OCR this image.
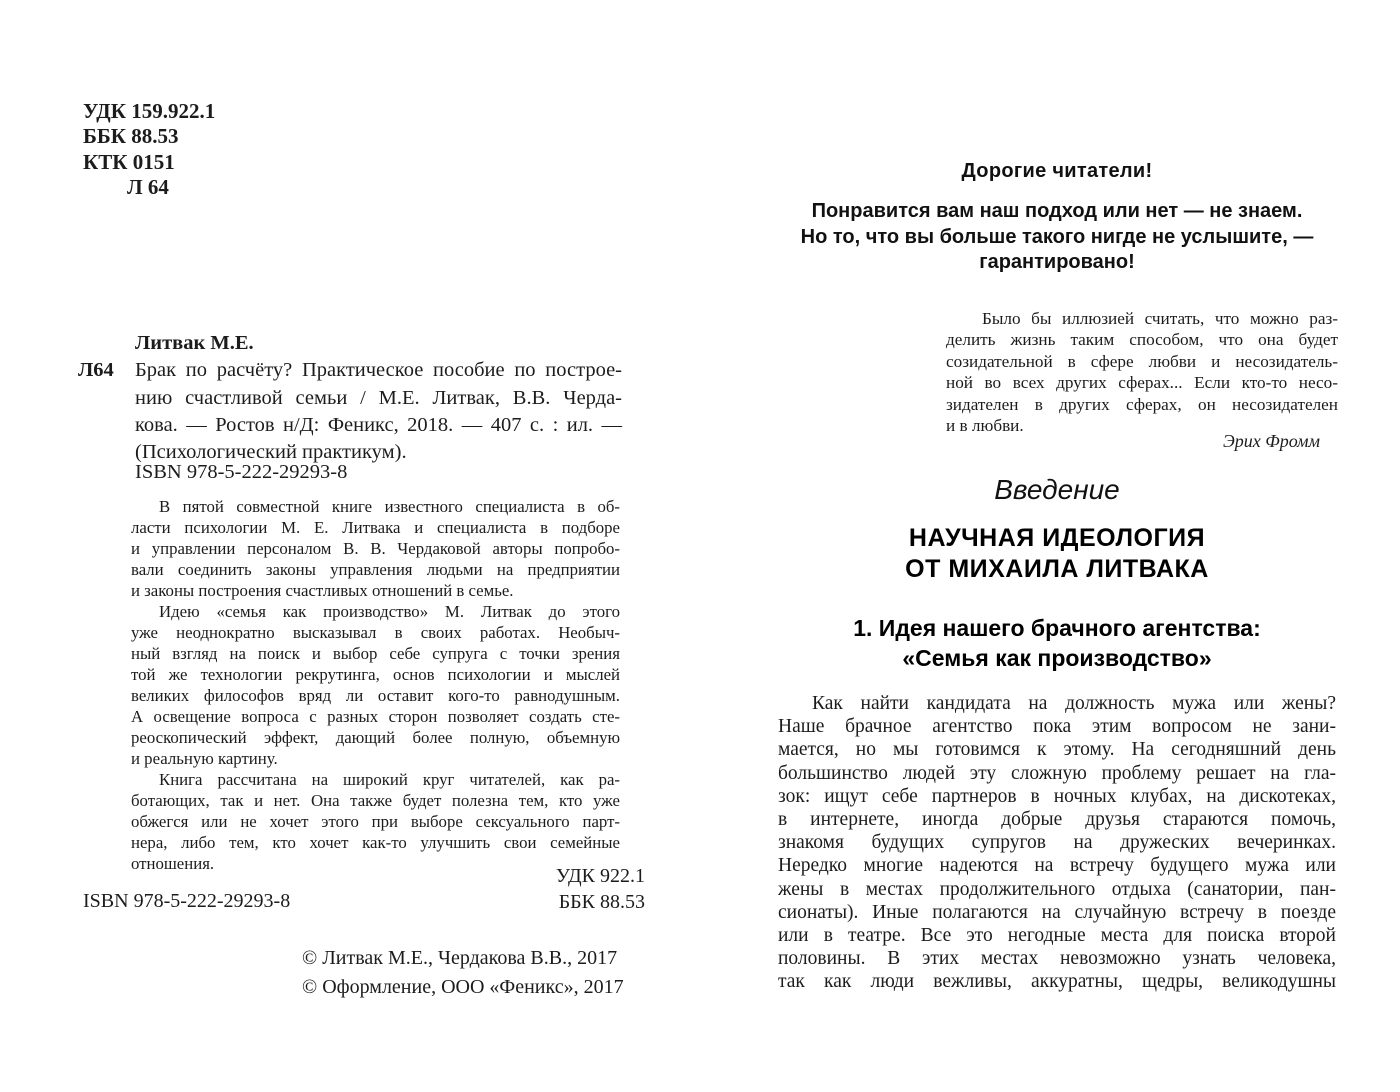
УДК 159.922.1
ББК 88.53
КТК 0151
Л 64
Литвак М.Е.
Л64	Брак по расчёту? Практическое пособие по построе-
нию счастливой семьи / М.Е. Литвак, В.В. Черда-
кова. — Ростов н/Д: Феникс, 2018. — 407 с. : ил. —
(Психологический практикум).
ISBN 978-5-222-29293-8
В пятой совместной книге известного специалиста в об-
ласти психологии М. Е. Литвака и специалиста в подборе
и управлении персоналом В. В. Чердаковой авторы попробо-
вали соединить законы управления людьми на предприятии
и законы построения счастливых отношений в семье.
Идею «семья как производство» М. Литвак до этого
уже неоднократно высказывал в своих работах. Необыч-
ный взгляд на поиск и выбор себе супруга с точки зрения
той же технологии рекрутинга, основ психологии и мыслей
великих философов вряд ли оставит кого-то равнодушным.
А освещение вопроса с разных сторон позволяет создать сте-
реоскопический эффект, дающий более полную, объемную
и реальную картину.
Книга рассчитана на широкий круг читателей, как ра-
ботающих, так и нет. Она также будет полезна тем, кто уже
обжегся или не хочет этого при выборе сексуального парт-
нера, либо тем, кто хочет как-то улучшить свои семейные
отношения.
УДК 922.1
ББК 88.53
ISBN 978-5-222-29293-8
© Литвак М.Е., Чердакова В.В., 2017
© Оформление, ООО «Феникс», 2017
Дорогие читатели!
Понравится вам наш подход или нет — не знаем.
Но то, что вы больше такого нигде не услышите, —
гарантировано!
Было бы иллюзией считать, что можно раз-
делить жизнь таким способом, что она будет
созидательной в сфере любви и несозидатель-
ной во всех других сферах... Если кто-то несо-
зидателен в других сферах, он несозидателен
и в любви.
Эрих Фромм
Введение
НАУЧНАЯ ИДЕОЛОГИЯ
ОТ МИХАИЛА ЛИТВАКА
1. Идея нашего брачного агентства:
«Семья как производство»
Как найти кандидата на должность мужа или жены?
Наше брачное агентство пока этим вопросом не зани-
мается, но мы готовимся к этому. На сегодняшний день
большинство людей эту сложную проблему решает на гла-
зок: ищут себе партнеров в ночных клубах, на дискотеках,
в интернете, иногда добрые друзья стараются помочь,
знакомя будущих супругов на дружеских вечеринках.
Нередко многие надеются на встречу будущего мужа или
жены в местах продолжительного отдыха (санатории, пан-
сионаты). Иные полагаются на случайную встречу в поезде
или в театре. Все это негодные места для поиска второй
половины. В этих местах невозможно узнать человека,
так как люди вежливы, аккуратны, щедры, великодушны
